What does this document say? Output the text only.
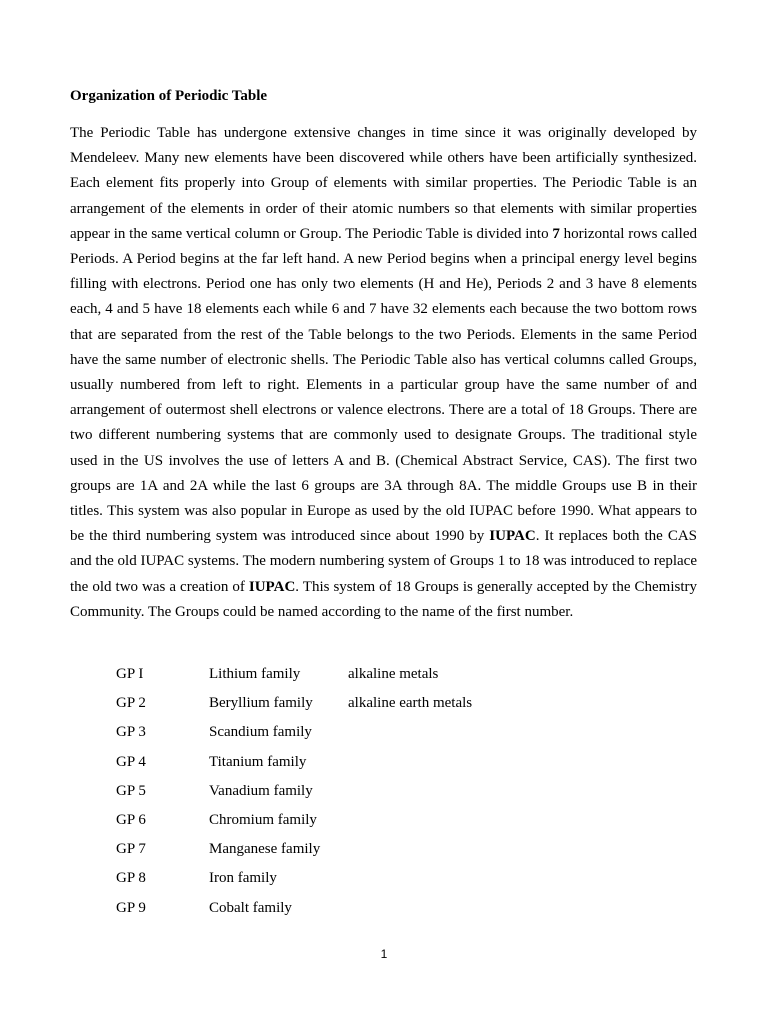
Organization of Periodic Table

The Periodic Table has undergone extensive changes in time since it was originally developed by Mendeleev. Many new elements have been discovered while others have been artificially synthesized. Each element fits properly into Group of elements with similar properties. The Periodic Table is an arrangement of the elements in order of their atomic numbers so that elements with similar properties appear in the same vertical column or Group. The Periodic Table is divided into 7 horizontal rows called Periods. A Period begins at the far left hand. A new Period begins when a principal energy level begins filling with electrons. Period one has only two elements (H and He), Periods 2 and 3 have 8 elements each, 4 and 5 have 18 elements each while 6 and 7 have 32 elements each because the two bottom rows that are separated from the rest of the Table belongs to the two Periods. Elements in the same Period have the same number of electronic shells. The Periodic Table also has vertical columns called Groups, usually numbered from left to right. Elements in a particular group have the same number of and arrangement of outermost shell electrons or valence electrons. There are a total of 18 Groups. There are two different numbering systems that are commonly used to designate Groups. The traditional style used in the US involves the use of letters A and B. (Chemical Abstract Service, CAS). The first two groups are 1A and 2A while the last 6 groups are 3A through 8A. The middle Groups use B in their titles. This system was also popular in Europe as used by the old IUPAC before 1990. What appears to be the third numbering system was introduced since about 1990 by IUPAC. It replaces both the CAS and the old IUPAC systems. The modern numbering system of Groups 1 to 18 was introduced to replace the old two was a creation of IUPAC. This system of 18 Groups is generally accepted by the Chemistry Community. The Groups could be named according to the name of the first number.

GP I	Lithium family	alkaline metals
GP 2	Beryllium family	alkaline earth metals
GP 3	Scandium family
GP 4	Titanium family
GP 5	Vanadium family
GP 6	Chromium family
GP 7	Manganese family
GP 8	Iron family
GP 9	Cobalt family
1
